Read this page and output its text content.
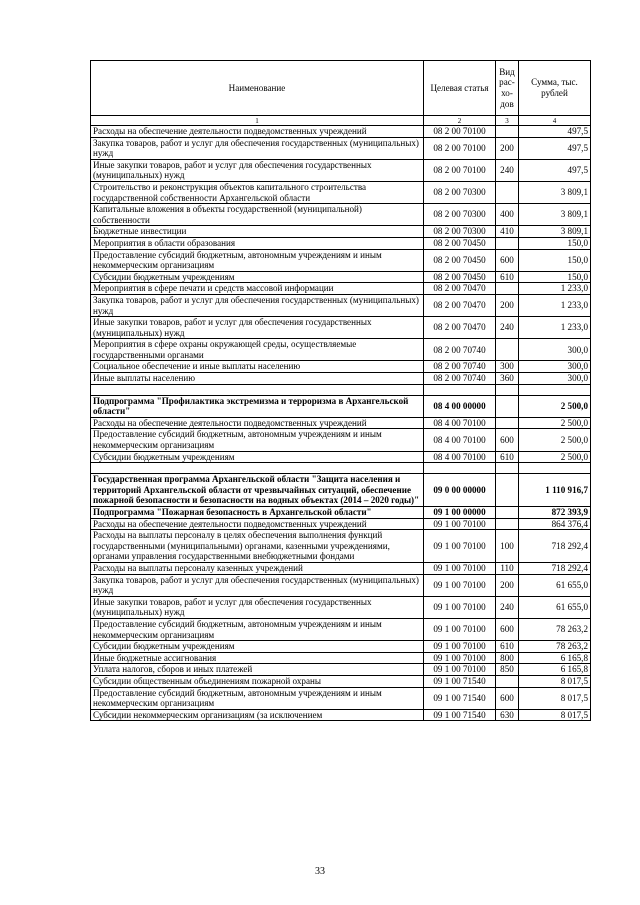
Наименование	Целевая статья	Вид рас-хо-дов	Сумма, тыс. рублей
1	2	3	4
Расходы на обеспечение деятельности подведомственных учреждений	08 2 00 70100		497,5
Закупка товаров, работ и услуг для обеспечения государственных (муниципальных) нужд	08 2 00 70100	200	497,5
Иные закупки товаров, работ и услуг для обеспечения государственных (муниципальных) нужд	08 2 00 70100	240	497,5
Строительство и реконструкция объектов капитального строительства государственной собственности Архангельской области	08 2 00 70300		3 809,1
Капитальные вложения в объекты государственной (муниципальной) собственности	08 2 00 70300	400	3 809,1
Бюджетные инвестиции	08 2 00 70300	410	3 809,1
Мероприятия в области образования	08 2 00 70450		150,0
Предоставление субсидий бюджетным, автономным учреждениям и иным некоммерческим организациям	08 2 00 70450	600	150,0
Субсидии бюджетным учреждениям	08 2 00 70450	610	150,0
Мероприятия в сфере печати и средств массовой информации	08 2 00 70470		1 233,0
Закупка товаров, работ и услуг для обеспечения государственных (муниципальных) нужд	08 2 00 70470	200	1 233,0
Иные закупки товаров, работ и услуг для обеспечения государственных (муниципальных) нужд	08 2 00 70470	240	1 233,0
Мероприятия в сфере охраны окружающей среды, осуществляемые государственными органами	08 2 00 70740		300,0
Социальное обеспечение и иные выплаты населению	08 2 00 70740	300	300,0
Иные выплаты населению	08 2 00 70740	360	300,0

Подпрограмма "Профилактика экстремизма и терроризма в Архангельской области"	08 4 00 00000		2 500,0
Расходы на обеспечение деятельности подведомственных учреждений	08 4 00 70100		2 500,0
Предоставление субсидий бюджетным, автономным учреждениям и иным некоммерческим организациям	08 4 00 70100	600	2 500,0
Субсидии бюджетным учреждениям	08 4 00 70100	610	2 500,0

Государственная программа Архангельской области "Защита населения и территорий Архангельской области от чрезвычайных ситуаций, обеспечение пожарной безопасности и безопасности на водных объектах (2014 – 2020 годы)"	09 0 00 00000		1 110 916,7
Подпрограмма "Пожарная безопасность в Архангельской области"	09 1 00 00000		872 393,9
Расходы на обеспечение деятельности подведомственных учреждений	09 1 00 70100		864 376,4
Расходы на выплаты персоналу в целях обеспечения выполнения функций государственными (муниципальными) органами, казенными учреждениями, органами управления государственными внебюджетными фондами	09 1 00 70100	100	718 292,4
Расходы на выплаты персоналу казенных учреждений	09 1 00 70100	110	718 292,4
Закупка товаров, работ и услуг для обеспечения государственных (муниципальных) нужд	09 1 00 70100	200	61 655,0
Иные закупки товаров, работ и услуг для обеспечения государственных (муниципальных) нужд	09 1 00 70100	240	61 655,0
Предоставление субсидий бюджетным, автономным учреждениям и иным некоммерческим организациям	09 1 00 70100	600	78 263,2
Субсидии бюджетным учреждениям	09 1 00 70100	610	78 263,2
Иные бюджетные ассигнования	09 1 00 70100	800	6 165,8
Уплата налогов, сборов и иных платежей	09 1 00 70100	850	6 165,8
Субсидии общественным объединениям пожарной охраны	09 1 00 71540		8 017,5
Предоставление субсидий бюджетным, автономным учреждениям и иным некоммерческим организациям	09 1 00 71540	600	8 017,5
Субсидии некоммерческим организациям (за исключением	09 1 00 71540	630	8 017,5
33
